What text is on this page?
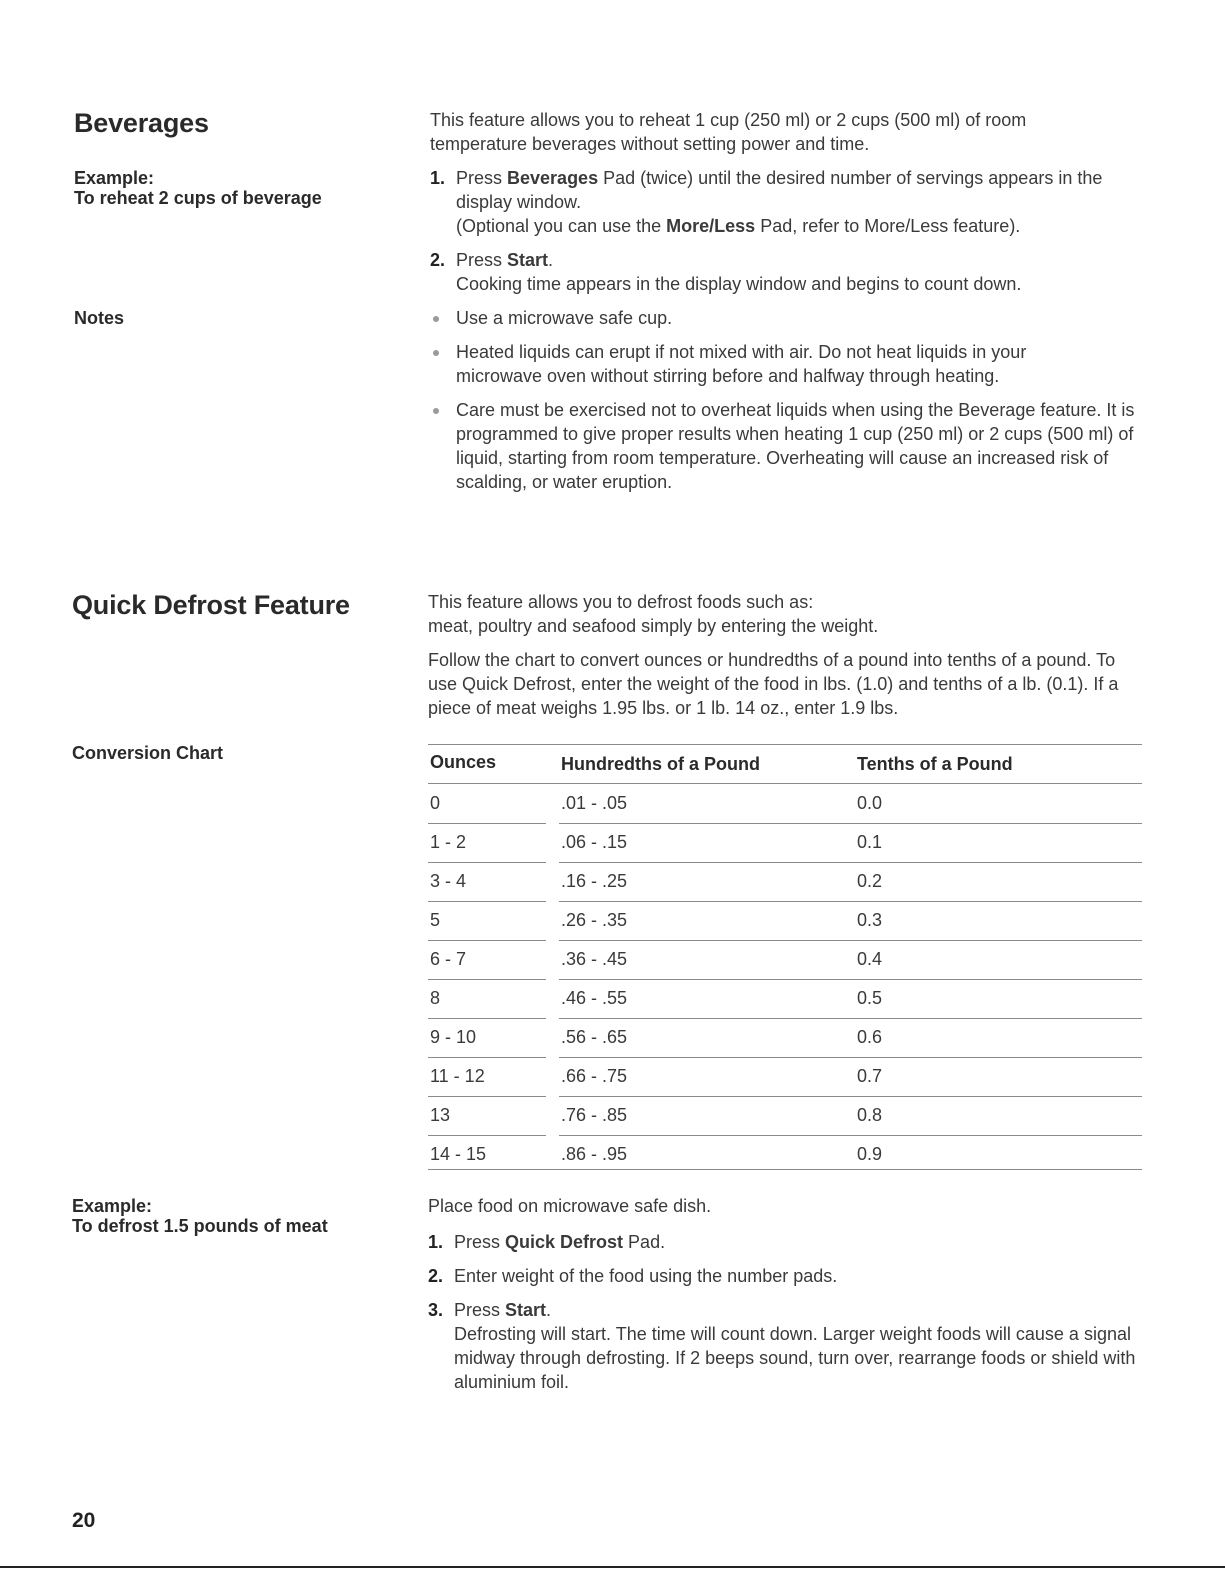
Beverages
Example:
To reheat 2 cups of beverage
This feature allows you to reheat 1 cup (250 ml) or 2 cups (500 ml) of room temperature beverages without setting power and time.
1. Press Beverages Pad (twice) until the desired number of servings appears in the display window.
(Optional you can use the More/Less Pad, refer to More/Less feature).
2. Press Start.
Cooking time appears in the display window and begins to count down.
Notes	Use a microwave safe cup.
Heated liquids can erupt if not mixed with air. Do not heat liquids in your microwave oven without stirring before and halfway through heating.
Care must be exercised not to overheat liquids when using the Beverage feature. It is programmed to give proper results when heating 1 cup (250 ml) or 2 cups (500 ml) of liquid, starting from room temperature. Overheating will cause an increased risk of scalding, or water eruption.
Quick Defrost Feature	This feature allows you to defrost foods such as:
meat, poultry and seafood simply by entering the weight.
Follow the chart to convert ounces or hundredths of a pound into tenths of a pound. To use Quick Defrost, enter the weight of the food in lbs. (1.0) and tenths of a lb. (0.1). If a piece of meat weighs 1.95 lbs. or 1 lb. 14 oz., enter 1.9 lbs.
Conversion Chart	Ounces	Hundredths of a Pound	Tenths of a Pound
0	.01 - .05	0.0
1 - 2	.06 - .15	0.1
3 - 4	.16 - .25	0.2
5	.26 - .35	0.3
6 - 7	.36 - .45	0.4
8	.46 - .55	0.5
9 - 10	.56 - .65	0.6
11 - 12	.66 - .75	0.7
13	.76 - .85	0.8
14 - 15	.86 - .95	0.9
Example:
To defrost 1.5 pounds of meat
Place food on microwave safe dish.
1. Press Quick Defrost Pad.
2. Enter weight of the food using the number pads.
3. Press Start.
Defrosting will start. The time will count down. Larger weight foods will cause a signal midway through defrosting. If 2 beeps sound, turn over, rearrange foods or shield with aluminium foil.
20
